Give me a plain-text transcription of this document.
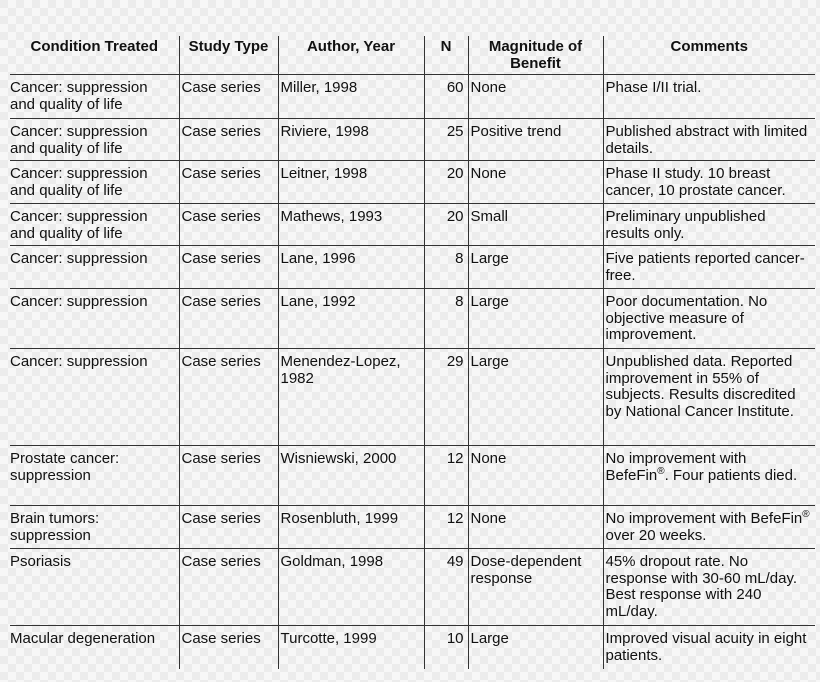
Condition Treated	Study Type	Author, Year	N	Magnitude of Benefit	Comments
Cancer: suppression and quality of life	Case series	Miller, 1998	60	None	Phase I/II trial.
Cancer: suppression and quality of life	Case series	Riviere, 1998	25	Positive trend	Published abstract with limited details.
Cancer: suppression and quality of life	Case series	Leitner, 1998	20	None	Phase II study. 10 breast cancer, 10 prostate cancer.
Cancer: suppression and quality of life	Case series	Mathews, 1993	20	Small	Preliminary unpublished results only.
Cancer: suppression	Case series	Lane, 1996	8	Large	Five patients reported cancer-free.
Cancer: suppression	Case series	Lane, 1992	8	Large	Poor documentation. No objective measure of improvement.
Cancer: suppression	Case series	Menendez-Lopez, 1982	29	Large	Unpublished data. Reported improvement in 55% of subjects. Results discredited by National Cancer Institute.
Prostate cancer: suppression	Case series	Wisniewski, 2000	12	None	No improvement with BefeFin®. Four patients died.
Brain tumors: suppression	Case series	Rosenbluth, 1999	12	None	No improvement with BefeFin® over 20 weeks.
Psoriasis	Case series	Goldman, 1998	49	Dose-dependent response	45% dropout rate. No response with 30-60 mL/day. Best response with 240 mL/day.
Macular degeneration	Case series	Turcotte, 1999	10	Large	Improved visual acuity in eight patients.
